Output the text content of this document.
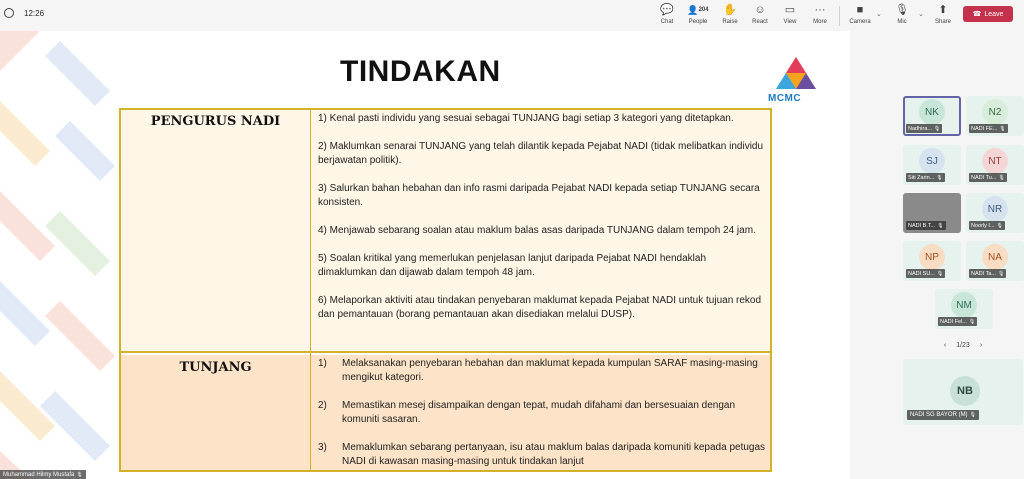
12:26	💬
Chat
👤 204
People
✋
Raise
☺
React
▭
View
···
More
■
Camera
⌄ 🎙
Mic
⌄ ⬆
Share
☎ Leave
TINDAKAN
MCMC
PENGURUS NADI	1) Kenal pasti individu yang sesuai sebagai TUNJANG bagi setiap 3 kategori yang ditetapkan.

2) Maklumkan senarai TUNJANG yang telah dilantik kepada Pejabat NADI (tidak melibatkan individu berjawatan politik).

3) Salurkan bahan hebahan dan info rasmi daripada Pejabat NADI kepada setiap TUNJANG secara konsisten.

4) Menjawab sebarang soalan atau maklum balas asas daripada TUNJANG dalam tempoh 24 jam.

5) Soalan kritikal yang memerlukan penjelasan lanjut daripada Pejabat NADI hendaklah dimaklumkan dan dijawab dalam tempoh 48 jam.

6) Melaporkan aktiviti atau tindakan penyebaran maklumat kepada Pejabat NADI untuk tujuan rekod dan pemantauan (borang pemantauan akan disediakan melalui DUSP).

TUNJANG	1)	Melaksanakan penyebaran hebahan dan maklumat kepada kumpulan SARAF masing-masing mengikut kategori.
2)	Memastikan mesej disampaikan dengan tepat, mudah difahami dan bersesuaian dengan komuniti sasaran.
3)	Memaklumkan sebarang pertanyaan, isu atau maklum balas daripada komuniti kepada petugas NADI di kawasan masing-masing untuk tindakan lanjut
Muhammad Hilmy Mustafa 🎙
NK
Nadhira... 🎙
N2
NADI FE... 🎙
SJ
Siti Zarin... 🎙
NT
NADI Tu... 🎙
NADI B.T... 🎙
NR
Noorly I... 🎙
NP
NADI SU... 🎙
NA
NADI Ta... 🎙
NM
NADI Fel... 🎙
‹ 1/23 ›
NB
NADI SG BAYOR (M) 🎙
